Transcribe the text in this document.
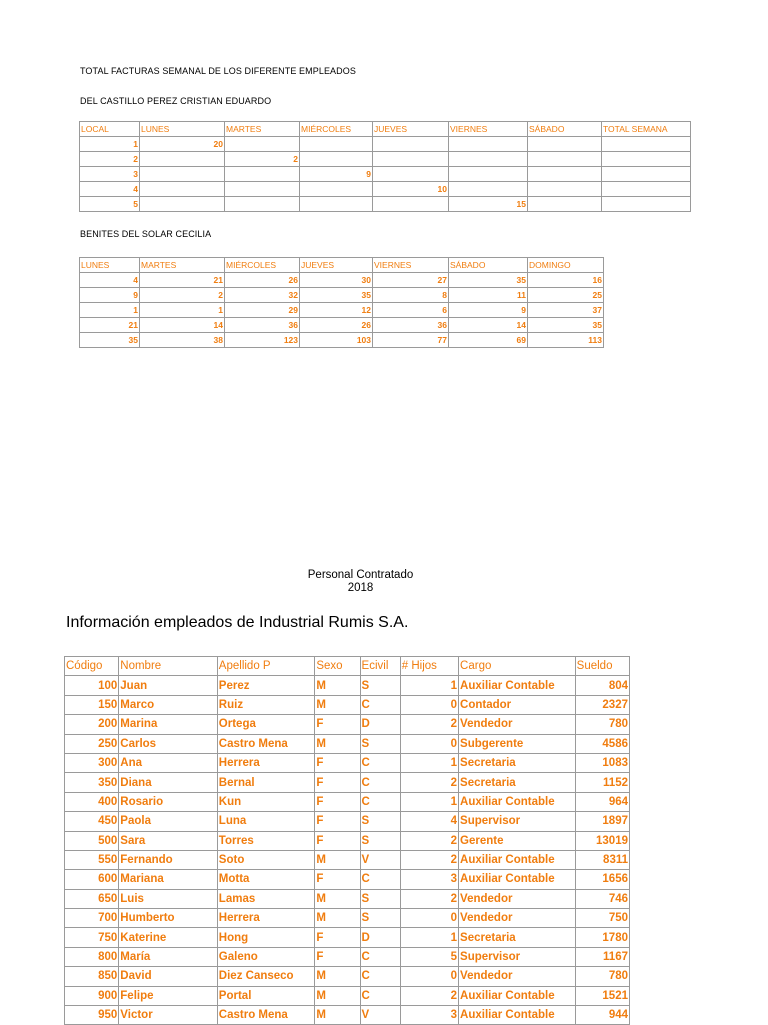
TOTAL FACTURAS SEMANAL DE LOS DIFERENTE EMPLEADOS
DEL CASTILLO PEREZ CRISTIAN EDUARDO
LOCAL	LUNES	MARTES	MIÉRCOLES	JUEVES	VIERNES	SÁBADO	TOTAL SEMANA
1	20						
2		2					
3			9				
4				10			
5					15		
BENITES DEL SOLAR CECILIA
LUNES	MARTES	MIÉRCOLES	JUEVES	VIERNES	SÁBADO	DOMINGO
4	21	26	30	27	35	16
9	2	32	35	8	11	25
1	1	29	12	6	9	37
21	14	36	26	36	14	35
35	38	123	103	77	69	113
Personal Contratado
2018
Información empleados de Industrial Rumis S.A.
Código	Nombre	Apellido P	Sexo	Ecivil	# Hijos	Cargo	Sueldo
100	Juan	Perez	M	S	1	Auxiliar Contable	804
150	Marco	Ruiz	M	C	0	Contador	2327
200	Marina	Ortega	F	D	2	Vendedor	780
250	Carlos	Castro Mena	M	S	0	Subgerente	4586
300	Ana	Herrera	F	C	1	Secretaria	1083
350	Diana	Bernal	F	C	2	Secretaria	1152
400	Rosario	Kun	F	C	1	Auxiliar Contable	964
450	Paola	Luna	F	S	4	Supervisor	1897
500	Sara	Torres	F	S	2	Gerente	13019
550	Fernando	Soto	M	V	2	Auxiliar Contable	8311
600	Mariana	Motta	F	C	3	Auxiliar Contable	1656
650	Luis	Lamas	M	S	2	Vendedor	746
700	Humberto	Herrera	M	S	0	Vendedor	750
750	Katerine	Hong	F	D	1	Secretaria	1780
800	María	Galeno	F	C	5	Supervisor	1167
850	David	Diez Canseco	M	C	0	Vendedor	780
900	Felipe	Portal	M	C	2	Auxiliar Contable	1521
950	Victor	Castro Mena	M	V	3	Auxiliar Contable	944
